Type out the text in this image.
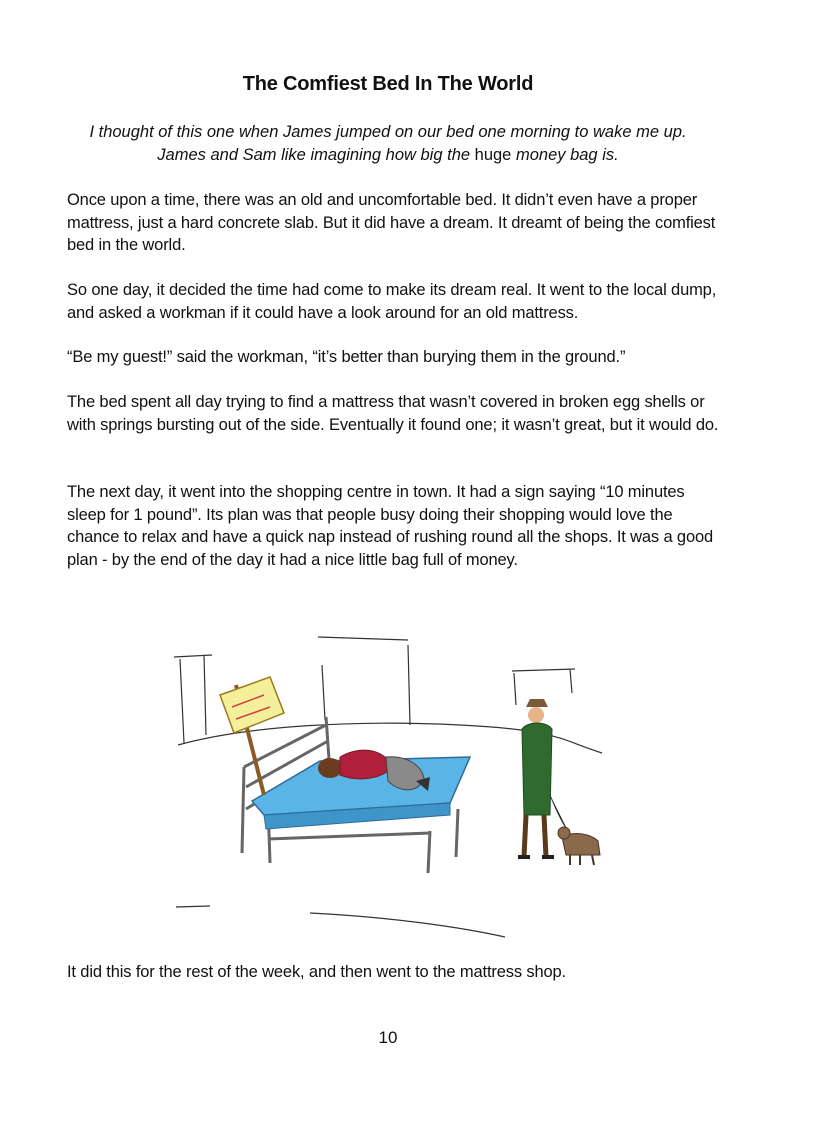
The Comfiest Bed In The World

I thought of this one when James jumped on our bed one morning to wake me up.
James and Sam like imagining how big the huge money bag is.

Once upon a time, there was an old and uncomfortable bed. It didn’t even have a proper mattress, just a hard concrete slab. But it did have a dream. It dreamt of being the comfiest bed in the world.

So one day, it decided the time had come to make its dream real. It went to the local dump, and asked a workman if it could have a look around for an old mattress.

“Be my guest!” said the workman, “it’s better than burying them in the ground.”

The bed spent all day trying to find a mattress that wasn’t covered in broken egg shells or with springs bursting out of the side. Eventually it found one; it wasn’t great, but it would do.

The next day, it went into the shopping centre in town. It had a sign saying “10 minutes sleep for 1 pound”. Its plan was that people busy doing their shopping would love the chance to relax and have a quick nap instead of rushing round all the shops. It was a good plan - by the end of the day it had a nice little bag full of money.

It did this for the rest of the week, and then went to the mattress shop.

10
